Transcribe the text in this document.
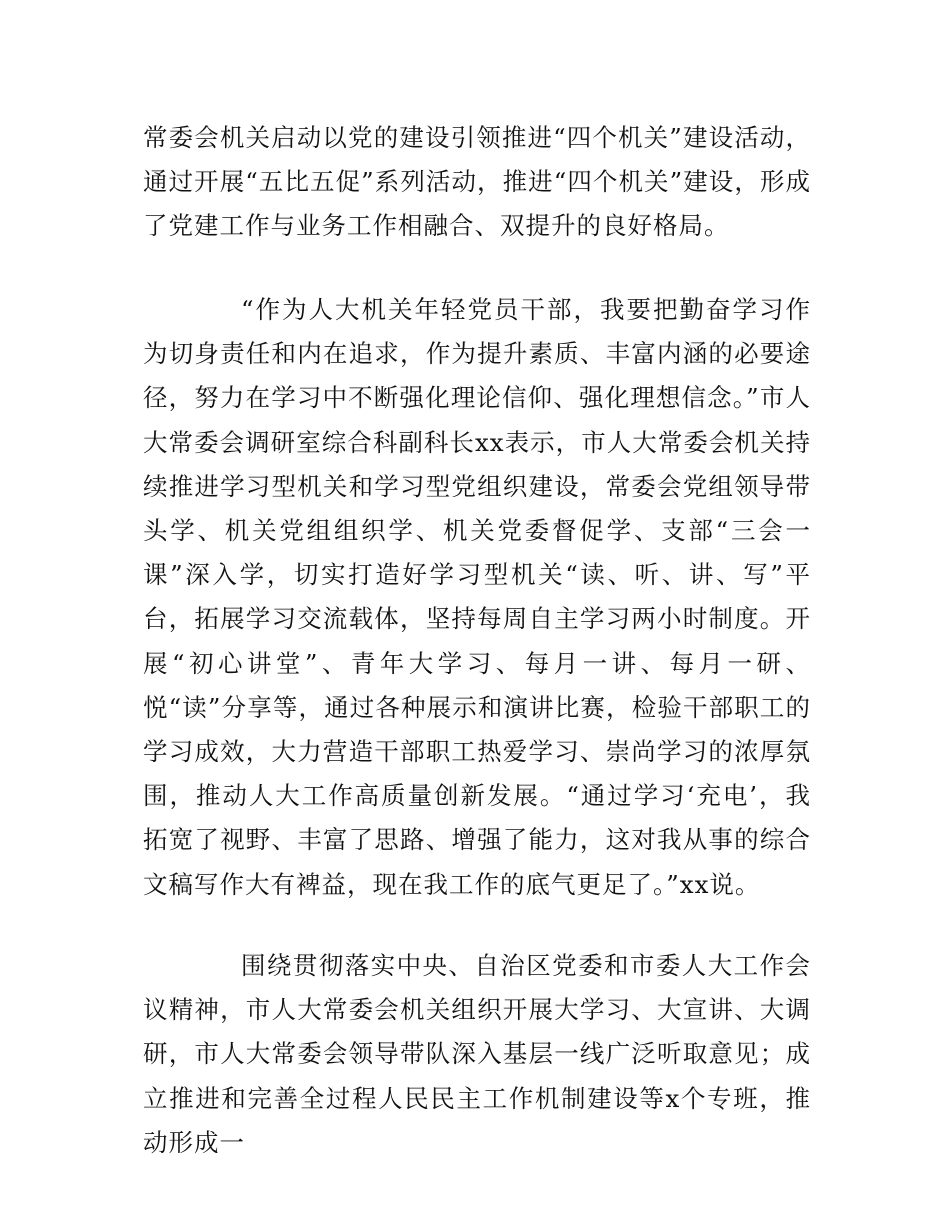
常委会机关启动以党的建设引领推进“四个机关”建设活动，通过开展“五比五促”系列活动，推进“四个机关”建设，形成了党建工作与业务工作相融合、双提升的良好格局。

“作为人大机关年轻党员干部，我要把勤奋学习作为切身责任和内在追求，作为提升素质、丰富内涵的必要途径，努力在学习中不断强化理论信仰、强化理想信念。”市人大常委会调研室综合科副科长xx表示，市人大常委会机关持续推进学习型机关和学习型党组织建设，常委会党组领导带头学、机关党组组织学、机关党委督促学、支部“三会一课”深入学，切实打造好学习型机关“读、听、讲、写”平台，拓展学习交流载体，坚持每周自主学习两小时制度。开展“初心讲堂”、青年大学习、每月一讲、每月一研、悦“读”分享等，通过各种展示和演讲比赛，检验干部职工的学习成效，大力营造干部职工热爱学习、崇尚学习的浓厚氛围，推动人大工作高质量创新发展。“通过学习‘充电’，我拓宽了视野、丰富了思路、增强了能力，这对我从事的综合文稿写作大有裨益，现在我工作的底气更足了。”xx说。

围绕贯彻落实中央、自治区党委和市委人大工作会议精神，市人大常委会机关组织开展大学习、大宣讲、大调研，市人大常委会领导带队深入基层一线广泛听取意见；成立推进和完善全过程人民民主工作机制建设等x个专班，推动形成一
